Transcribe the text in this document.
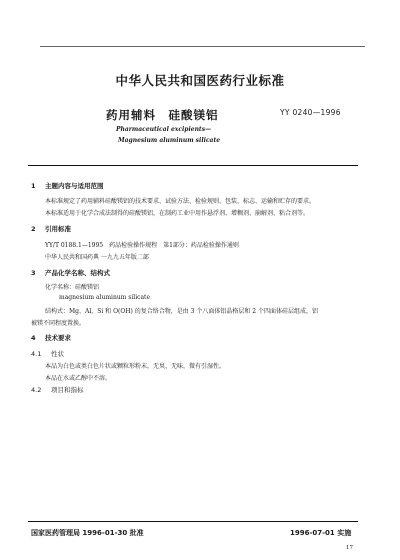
中华人民共和国医药行业标准
药用辅料　硅酸镁铝	YY 0240—1996
Pharmaceutical excipients—
Magnesium aluminum silicate
1 主题内容与适用范围
本标准规定了药用辅料硅酸镁铝的技术要求、试验方法、检验规则、包装、标志、运输和贮存的要求。
本标准适用于化学合成法制得的硅酸镁铝，在制药工业中用作悬浮剂、增稠剂、崩解剂、粘合剂等。
2 引用标准
YY/T 0188.1—1995　药品检验操作规程　第1部分：药品检验操作通则
中华人民共和国药典 一九九五年版二部
3 产品化学名称、结构式
化学名称：硅酸镁铝
magnesium aluminum silicate
结构式：Mg、Al、Si 和 O(OH) 的复合络合物，是由 3 个八面体铝晶格层和 2 个四面体硅层组成，铝
被镁不同程度置换。
4 技术要求
4.1 性状
本品为白色或类白色片状或颗粒形粉末，无臭、无味，微有引湿性。
本品在水或乙醇中不溶。
4.2 项目和指标
国家医药管理局 1996-01-30 批准	1996-07-01 实施
17
